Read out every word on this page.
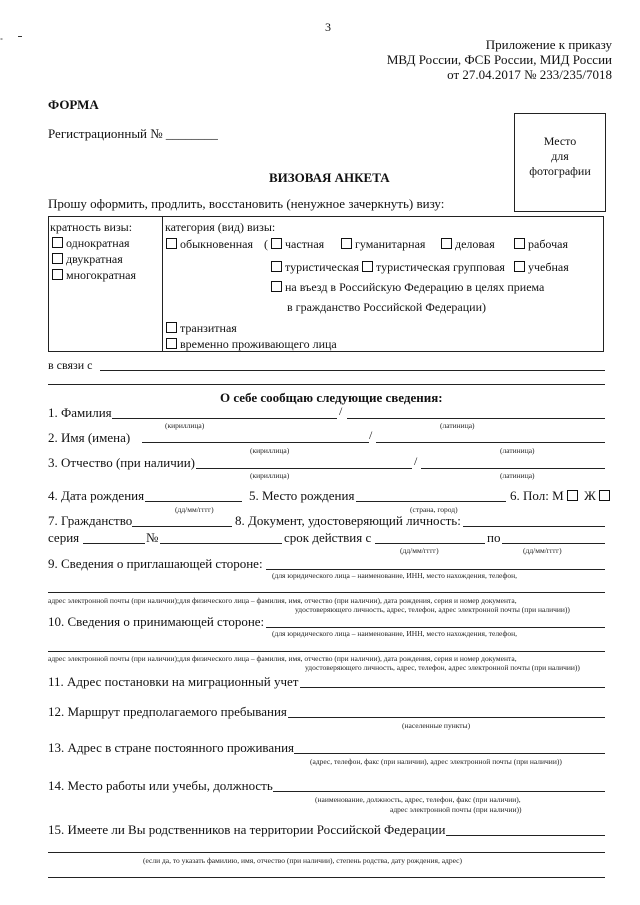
3
˳
Приложение к приказу
МВД России, ФСБ России, МИД России
от 27.04.2017 № 233/235/7018
ФОРМА
Регистрационный № ________	Место
для
фотографии
ВИЗОВАЯ АНКЕТА
Прошу оформить, продлить, восстановить (ненужное зачеркнуть) визу:
кратность визы:
однократная
двукратная
многократная
категория (вид) визы:
обыкновенная (	частная	гуманитарная	деловая	рабочая
туристическая	туристическая групповая	учебная
на въезд в Российскую Федерацию в целях приема
в гражданство Российской Федерации)
транзитная
временно проживающего лица
в связи с
О себе сообщаю следующие сведения:
1. Фамилия	/
(кириллица)	(латиница)
2. Имя (имена)	/
(кириллица)	(латиница)
3. Отчество (при наличии)	/
(кириллица)	(латиница)
4. Дата рождения
(дд/мм/гггг)
5. Место рождения
(страна, город)
6. Пол: М Ж
7. Гражданство	8. Документ, удостоверяющий личность:
серия	№	срок действия с	по
(дд/мм/гггг)	(дд/мм/гггг)
9. Сведения о приглашающей стороне:
(для юридического лица – наименование, ИНН, место нахождения, телефон,
адрес электронной почты (при наличии);для физического лица – фамилия, имя, отчество (при наличии), дата рождения, серия и номер документа,
удостоверяющего личность, адрес, телефон, адрес электронной почты (при наличии))
10. Сведения о принимающей стороне:
(для юридического лица – наименование, ИНН, место нахождения, телефон,
адрес электронной почты (при наличии);для физического лица – фамилия, имя, отчество (при наличии), дата рождения, серия и номер документа,
удостоверяющего личность, адрес, телефон, адрес электронной почты (при наличии))
11. Адрес постановки на миграционный учет
12. Маршрут предполагаемого пребывания
(населенные пункты)
13. Адрес в стране постоянного проживания
(адрес, телефон, факс (при наличии), адрес электронной почты (при наличии))
14. Место работы или учебы, должность
(наименование, должность, адрес, телефон, факс (при наличии),
адрес электронной почты (при наличии))
15. Имеете ли Вы родственников на территории Российской Федерации
(если да, то указать фамилию, имя, отчество (при наличии), степень родства, дату рождения, адрес)
